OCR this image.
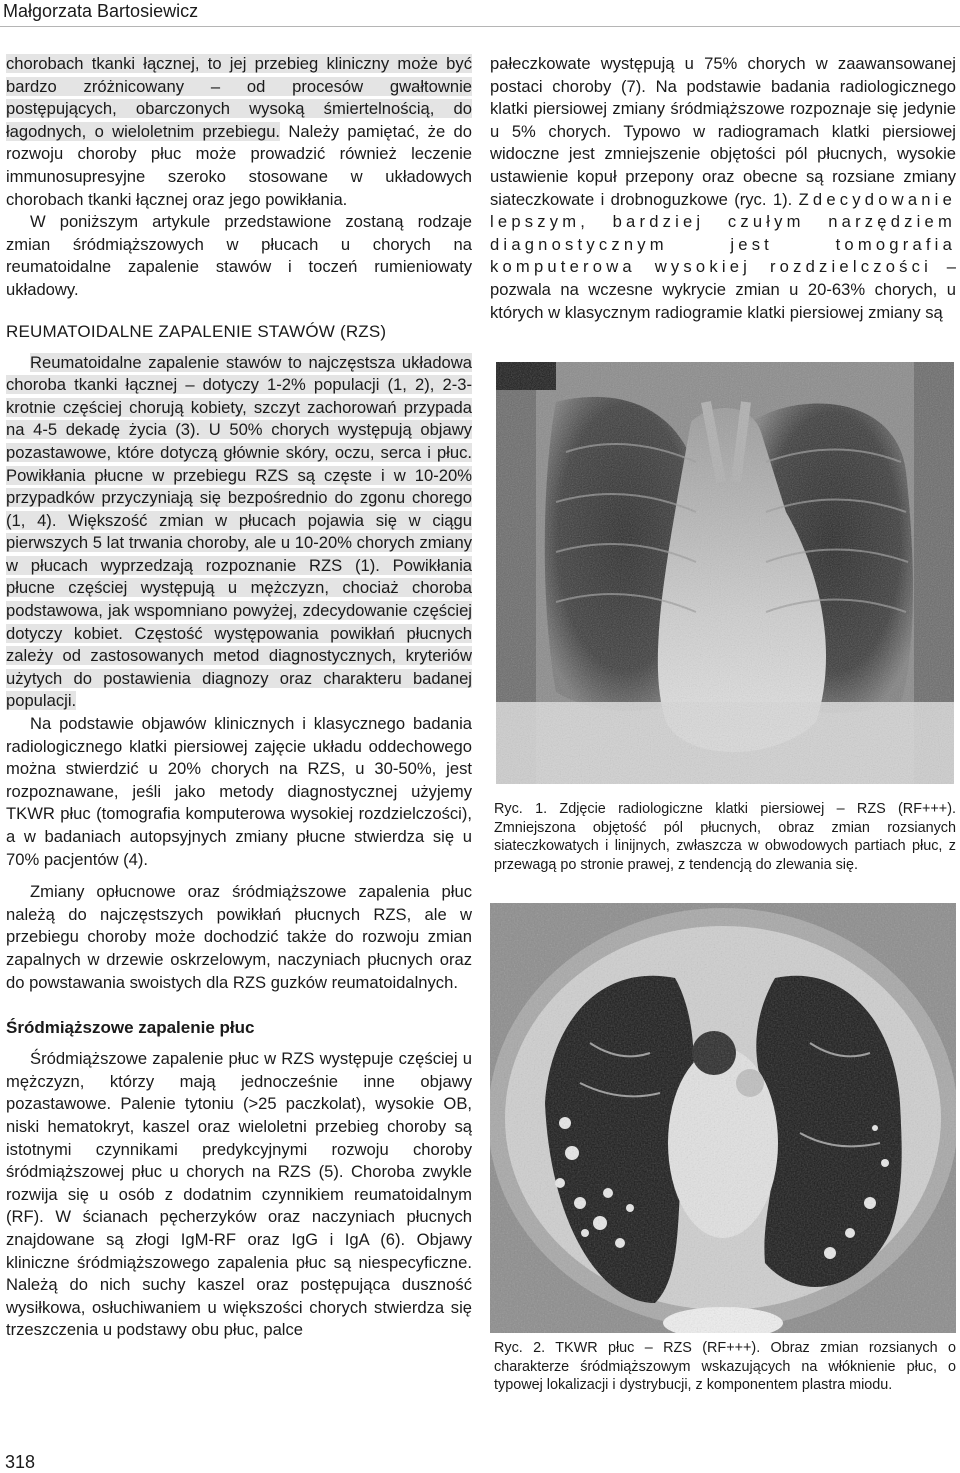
Małgorzata Bartosiewicz

chorobach tkanki łącznej, to jej przebieg kliniczny może być bardzo zróżnicowany – od procesów gwałtownie postępujących, obarczonych wysoką śmiertelnością, do łagodnych, o wieloletnim przebiegu. Należy pamiętać, że do rozwoju choroby płuc może prowadzić również leczenie immunosupresyjne szeroko stosowane w układowych chorobach tkanki łącznej oraz jego powikłania.

W poniższym artykule przedstawione zostaną rodzaje zmian śródmiąższowych w płucach u chorych na reumatoidalne zapalenie stawów i toczeń rumieniowaty układowy.

REUMATOIDALNE ZAPALENIE STAWÓW (RZS)

Reumatoidalne zapalenie stawów to najczęstsza układowa choroba tkanki łącznej – dotyczy 1-2% populacji (1, 2), 2-3-krotnie częściej chorują kobiety, szczyt zachorowań przypada na 4-5 dekadę życia (3). U 50% chorych występują objawy pozastawowe, które dotyczą głównie skóry, oczu, serca i płuc. Powikłania płucne w przebiegu RZS są częste i w 10-20% przypadków przyczyniają się bezpośrednio do zgonu chorego (1, 4). Większość zmian w płucach pojawia się w ciągu pierwszych 5 lat trwania choroby, ale u 10-20% chorych zmiany w płucach wyprzedzają rozpoznanie RZS (1). Powikłania płucne częściej występują u mężczyzn, chociaż choroba podstawowa, jak wspomniano powyżej, zdecydowanie częściej dotyczy kobiet. Częstość występowania powikłań płucnych zależy od zastosowanych metod diagnostycznych, kryteriów użytych do postawienia diagnozy oraz charakteru badanej populacji.

Na podstawie objawów klinicznych i klasycznego badania radiologicznego klatki piersiowej zajęcie układu oddechowego można stwierdzić u 20% chorych na RZS, u 30-50%, jest rozpoznawane, jeśli jako metody diagnostycznej użyjemy TKWR płuc (tomografia komputerowa wysokiej rozdzielczości), a w badaniach autopsyjnych zmiany płucne stwierdza się u 70% pacjentów (4).

Zmiany opłucnowe oraz śródmiąższowe zapalenia płuc należą do najczęstszych powikłań płucnych RZS, ale w przebiegu choroby może dochodzić także do rozwoju zmian zapalnych w drzewie oskrzelowym, naczyniach płucnych oraz do powstawania swoistych dla RZS guzków reumatoidalnych.

Śródmiąższowe zapalenie płuc

Śródmiąższowe zapalenie płuc w RZS występuje częściej u mężczyzn, którzy mają jednocześnie inne objawy pozastawowe. Palenie tytoniu (>25 paczkolat), wysokie OB, niski hematokryt, kaszel oraz wieloletni przebieg choroby są istotnymi czynnikami predykcyjnymi rozwoju choroby śródmiąższowej płuc u chorych na RZS (5). Choroba zwykle rozwija się u osób z dodatnim czynnikiem reumatoidalnym (RF). W ścianach pęcherzyków oraz naczyniach płucnych znajdowane są złogi IgM-RF oraz IgG i IgA (6). Objawy kliniczne śródmiąższowego zapalenia płuc są niespecyficzne. Należą do nich suchy kaszel oraz postępująca duszność wysiłkowa, osłuchiwaniem u większości chorych stwierdza się trzeszczenia u podstawy obu płuc, palce

pałeczkowate występują u 75% chorych w zaawansowanej postaci choroby (7). Na podstawie badania radiologicznego klatki piersiowej zmiany śródmiąższowe rozpoznaje się jedynie u 5% chorych. Typowo w radiogramach klatki piersiowej widoczne jest zmniejszenie objętości pól płucnych, wysokie ustawienie kopuł przepony oraz obecne są rozsiane zmiany siateczkowate i drobnoguzkowe (ryc. 1). Zdecydowanie lepszym, bardziej czułym narzędziem diagnostycznym jest tomografia komputerowa wysokiej rozdzielczości – pozwala na wczesne wykrycie zmian u 20-63% chorych, u których w klasycznym radiogramie klatki piersiowej zmiany są

Ryc. 1. Zdjęcie radiologiczne klatki piersiowej – RZS (RF+++). Zmniejszona objętość pól płucnych, obraz zmian rozsianych siateczkowatych i linijnych, zwłaszcza w obwodowych partiach płuc, z przewagą po stronie prawej, z tendencją do zlewania się.
Ryc. 2. TKWR płuc – RZS (RF+++). Obraz zmian rozsianych o charakterze śródmiąższowym wskazujących na włóknienie płuc, o typowej lokalizacji i dystrybucji, z komponentem plastra miodu.
318
